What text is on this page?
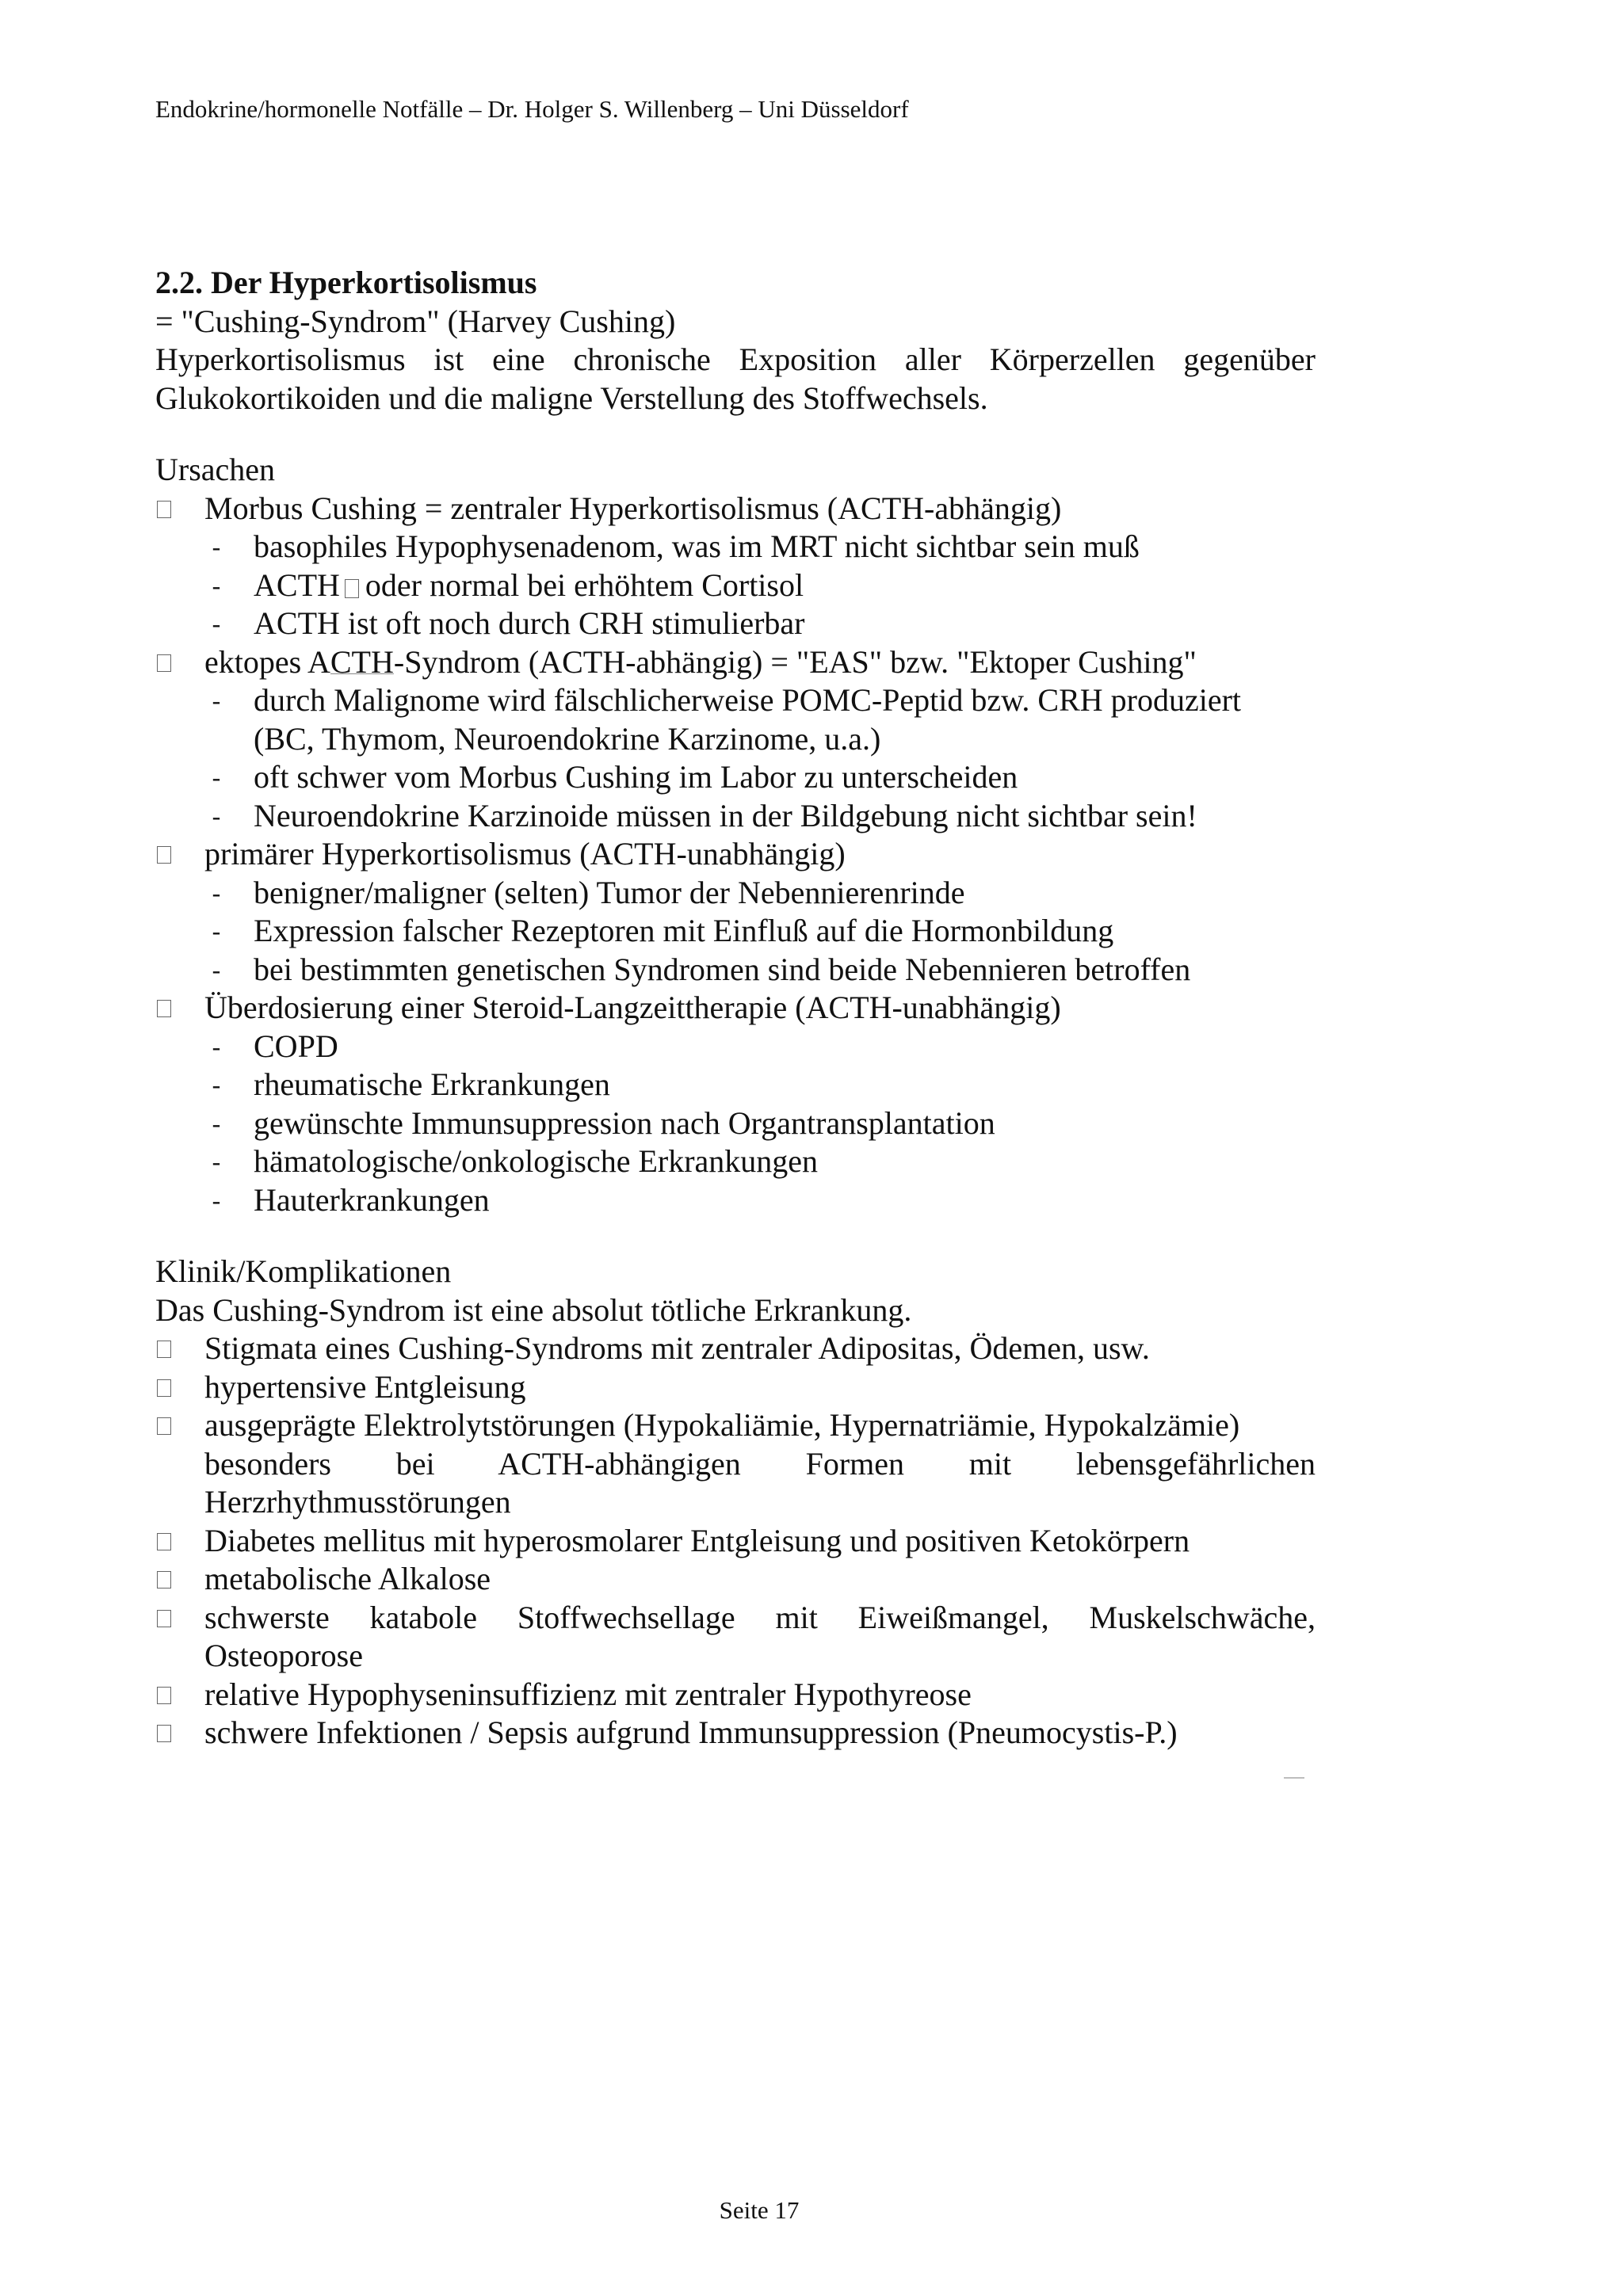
Endokrine/hormonelle Notfälle – Dr. Holger S. Willenberg – Uni Düsseldorf
2.2. Der Hyperkortisolismus
= "Cushing-Syndrom" (Harvey Cushing)
Hyperkortisolismus ist eine chronische Exposition aller Körperzellen gegenüber
Glukokortikoiden und die maligne Verstellung des Stoffwechsels.
Ursachen
Morbus Cushing = zentraler Hyperkortisolismus (ACTH-abhängig)
- basophiles Hypophysenadenom, was im MRT nicht sichtbar sein muß
- ACTH oder normal bei erhöhtem Cortisol
- ACTH ist oft noch durch CRH stimulierbar
ektopes ACTH-Syndrom (ACTH-abhängig) = "EAS" bzw. "Ektoper Cushing"
- durch Malignome wird fälschlicherweise POMC-Peptid bzw. CRH produziert
(BC, Thymom, Neuroendokrine Karzinome, u.a.)
- oft schwer vom Morbus Cushing im Labor zu unterscheiden
- Neuroendokrine Karzinoide müssen in der Bildgebung nicht sichtbar sein!
primärer Hyperkortisolismus (ACTH-unabhängig)
- benigner/maligner (selten) Tumor der Nebennierenrinde
- Expression falscher Rezeptoren mit Einfluß auf die Hormonbildung
- bei bestimmten genetischen Syndromen sind beide Nebennieren betroffen
Überdosierung einer Steroid-Langzeittherapie (ACTH-unabhängig)
- COPD
- rheumatische Erkrankungen
- gewünschte Immunsuppression nach Organtransplantation
- hämatologische/onkologische Erkrankungen
- Hauterkrankungen
Klinik/Komplikationen
Das Cushing-Syndrom ist eine absolut tötliche Erkrankung.
Stigmata eines Cushing-Syndroms mit zentraler Adipositas, Ödemen, usw.
hypertensive Entgleisung
ausgeprägte Elektrolytstörungen (Hypokaliämie, Hypernatriämie, Hypokalzämie)
besonders bei ACTH-abhängigen Formen mit lebensgefährlichen
Herzrhythmusstörungen
Diabetes mellitus mit hyperosmolarer Entgleisung und positiven Ketokörpern
metabolische Alkalose
schwerste katabole Stoffwechsellage mit Eiweißmangel, Muskelschwäche,
Osteoporose
relative Hypophyseninsuffizienz mit zentraler Hypothyreose
schwere Infektionen / Sepsis aufgrund Immunsuppression (Pneumocystis-P.)
Seite 17
